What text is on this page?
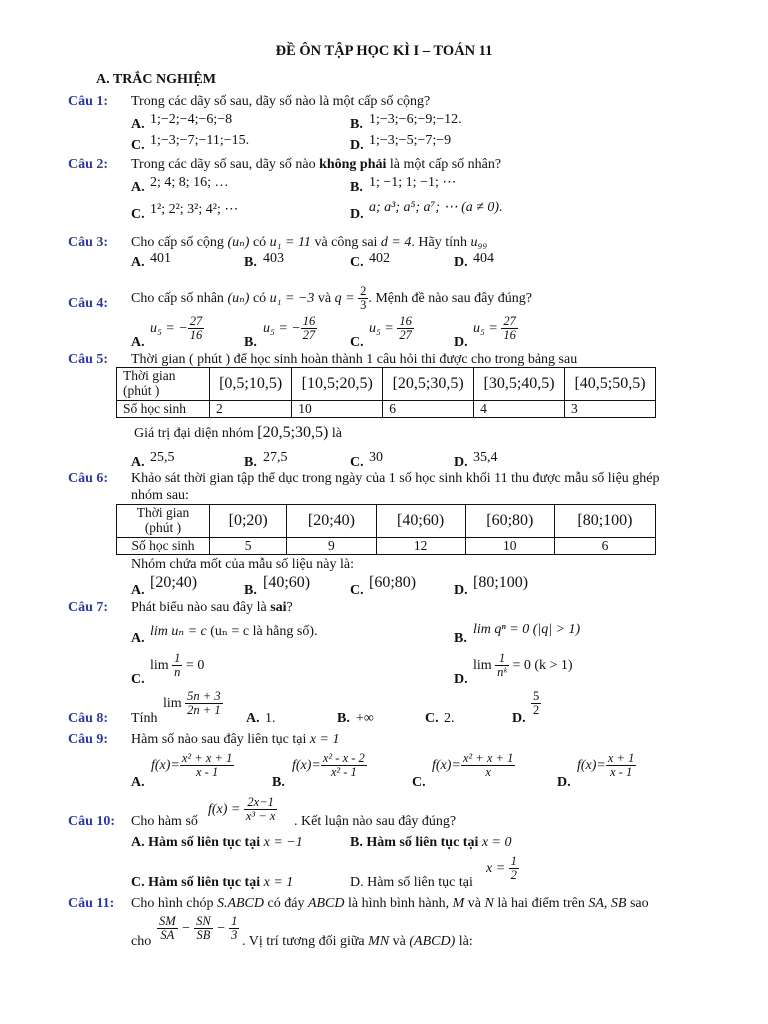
ĐỀ ÔN TẬP HỌC KÌ I – TOÁN 11
A. TRẮC NGHIỆM
Câu 1: Trong các dãy số sau, dãy số nào là một cấp số cộng?
A. 1;−2;−4;−6;−8	B. 1;−3;−6;−9;−12.
C. 1;−3;−7;−11;−15.	D. 1;−3;−5;−7;−9
Câu 2: Trong các dãy số sau, dãy số nào không phải là một cấp số nhân?
A. 2; 4; 8; 16; …	B. 1; −1; 1; −1; ⋯
C. 1²; 2²; 3²; 4²; ⋯	D. a; a³; a⁵; a⁷; ⋯ (a ≠ 0).
Câu 3: Cho cấp số cộng (uₙ) có u₁ = 11 và công sai d = 4. Hãy tính u₉₉
A. 401	B. 403	C. 402	D. 404
Câu 4: Cho cấp số nhân (uₙ) có u₁ = −3 và $q = \frac{2}{3}$ . Mệnh đề nào sau đây đúng?
A.
u₅ = − $\frac{27}{16}$
B.
u₅ = − $\frac{16}{27}$
C.
$u_5 = \frac{16}{27}$
D.
$u_5 = \frac{27}{16}$
Câu 5: Thời gian ( phút ) để học sinh hoàn thành 1 câu hỏi thi được cho trong bảng sau
Thời gian
(phút )	[0,5;10,5)	[10,5;20,5)	[20,5;30,5)	[30,5;40,5)	[40,5;50,5)
Số học sinh	2	10	6	4	3
Giá trị đại diện nhóm [20,5;30,5) là
A. 25,5	B. 27,5	C. 30	D. 35,4
Câu 6: Khảo sát thời gian tập thể dục trong ngày của 1 số học sinh khối 11 thu được mẫu số liệu ghép
nhóm sau:
Thời gian
(phút )	[0;20)	[20;40)	[40;60)	[60;80)	[80;100)
Số học sinh	5	9	12	10	6
Nhóm chứa mốt của mẫu số liệu này là:
A. [20;40)	B. [40;60)	C. [60;80)	D. [80;100)
Câu 7: Phát biểu nào sau đây là sai?
A. lim uₙ = c (uₙ = c là hằng số).	B.
lim qⁿ = 0 (|q| > 1)
C.
$\lim \frac{1}{n} = 0$
D.
$\lim \frac{1}{\text{nᵏ}} = 0$ (k > 1)
Câu 8: Tính
$\lim \frac{5n + 3}{2n + 1}$
A. 1.	B. +∞	C. 2.	D.
$\frac{5}{2}$
Câu 9: Hàm số nào sau đây liên tục tại x = 1
A.
$f(x)= \frac{\text{x² + x + 1}}{x - 1}$
B.
$f(x)= \frac{\text{x² - x - 2}}{\text{x² - 1}}$
C.
$f(x)= \frac{\text{x² + x + 1}}{x}$
D.
$f(x)= \frac{x + 1}{x - 1}$
Câu 10: Cho hàm số
$f(x) = \frac{2x-1}{\text{x³ − x}}$ . Kết luận nào sau đây đúng?
A. Hàm số liên tục tại x = −1	B. Hàm số liên tục tại x = 0
C. Hàm số liên tục tại x = 1	D. Hàm số liên tục tại
$x = \frac{1}{2}$
Câu 11: Cho hình chóp S.ABCD có đáy ABCD là hình bình hành, M và N là hai điểm trên SA, SB sao
cho $\frac{SM}{SA} - \frac{SN}{SB} - \frac{1}{3}$ . Vị trí tương đối giữa MN và (ABCD) là:
